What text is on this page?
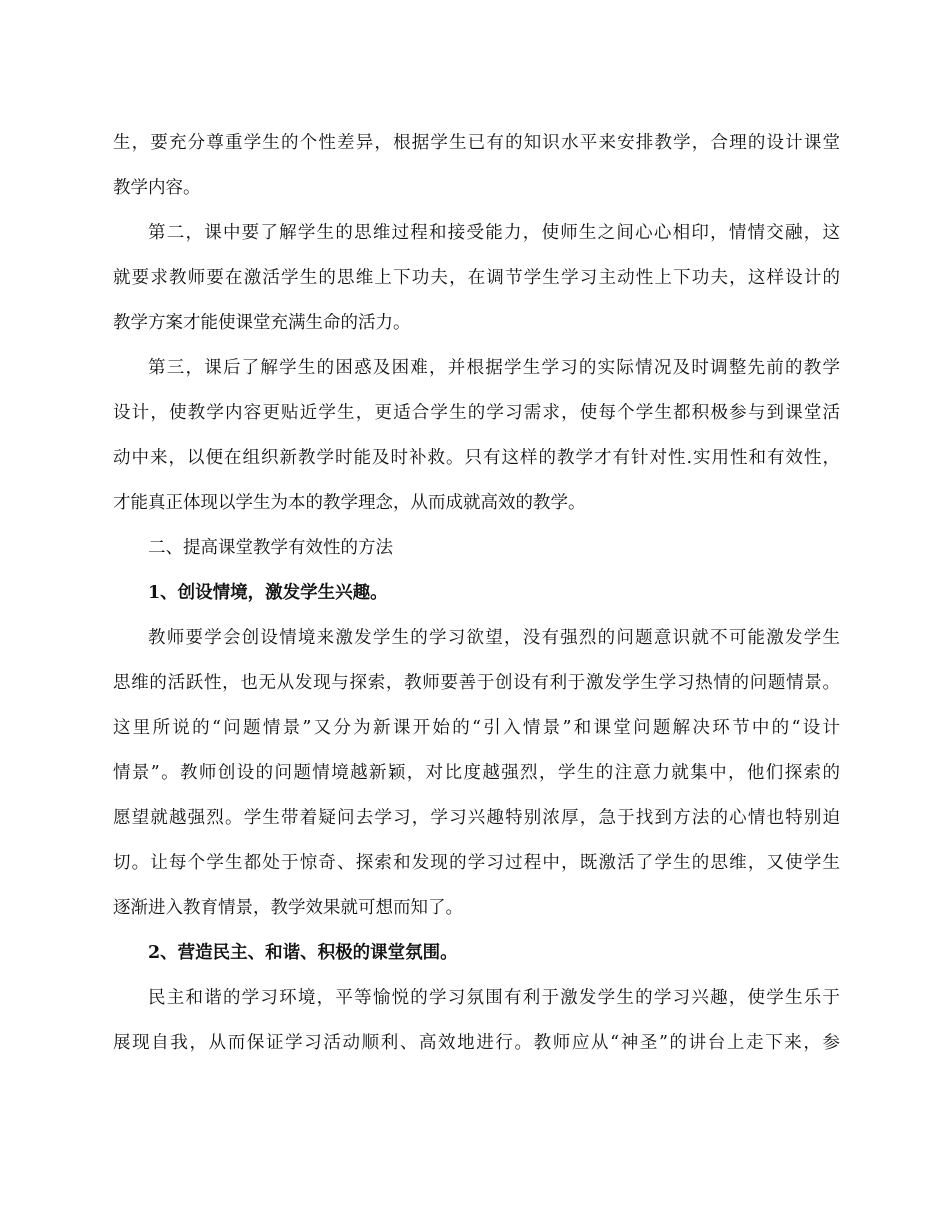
生，要充分尊重学生的个性差异，根据学生已有的知识水平来安排教学，合理的设计课堂
教学内容。
第二，课中要了解学生的思维过程和接受能力，使师生之间心心相印，情情交融，这
就要求教师要在激活学生的思维上下功夫，在调节学生学习主动性上下功夫，这样设计的
教学方案才能使课堂充满生命的活力。
第三，课后了解学生的困惑及困难，并根据学生学习的实际情况及时调整先前的教学
设计，使教学内容更贴近学生，更适合学生的学习需求，使每个学生都积极参与到课堂活
动中来，以便在组织新教学时能及时补救。只有这样的教学才有针对性.实用性和有效性，
才能真正体现以学生为本的教学理念，从而成就高效的教学。
二、提高课堂教学有效性的方法
1、创设情境，激发学生兴趣。
教师要学会创设情境来激发学生的学习欲望，没有强烈的问题意识就不可能激发学生
思维的活跃性，也无从发现与探索，教师要善于创设有利于激发学生学习热情的问题情景。
这里所说的“问题情景”又分为新课开始的“引入情景”和课堂问题解决环节中的“设计
情景”。教师创设的问题情境越新颖，对比度越强烈，学生的注意力就集中，他们探索的
愿望就越强烈。学生带着疑问去学习，学习兴趣特别浓厚，急于找到方法的心情也特别迫
切。让每个学生都处于惊奇、探索和发现的学习过程中，既激活了学生的思维，又使学生
逐渐进入教育情景，教学效果就可想而知了。
2、营造民主、和谐、积极的课堂氛围。
民主和谐的学习环境，平等愉悦的学习氛围有利于激发学生的学习兴趣，使学生乐于
展现自我，从而保证学习活动顺利、高效地进行。教师应从“神圣”的讲台上走下来，参
